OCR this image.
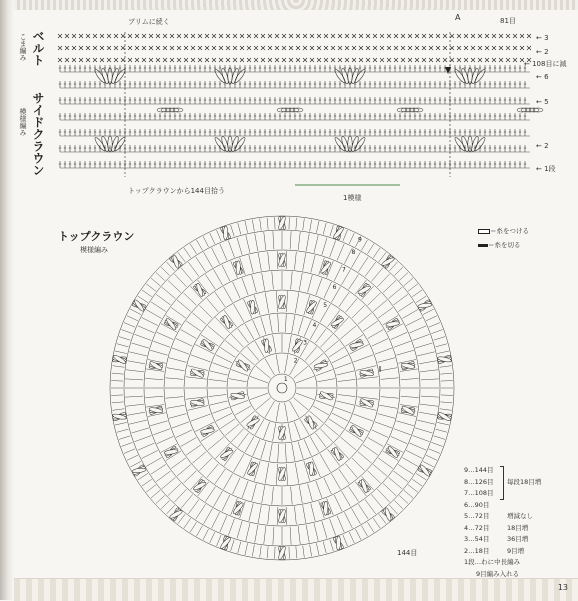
ベルト
こま編み
サイドクラウン
模様編み
ブリムに続く	A	81目
← 3
← 2
← 108目に減
← 6
← 5
← 2
← 1段
トップクラウンから144目拾う
1模様
トップクラウン
模様編み
9
8
7
6
5
4
3
2
1
144目
＝糸をつける
＝糸を切る
9…144目
8…126目 毎段18目増
7…108目
6…90目
5…72目	増減なし
4…72目	18目増
3…54目	36目増
2…18目	9目増
1段…わに中長編み
9目編み入れる
13
